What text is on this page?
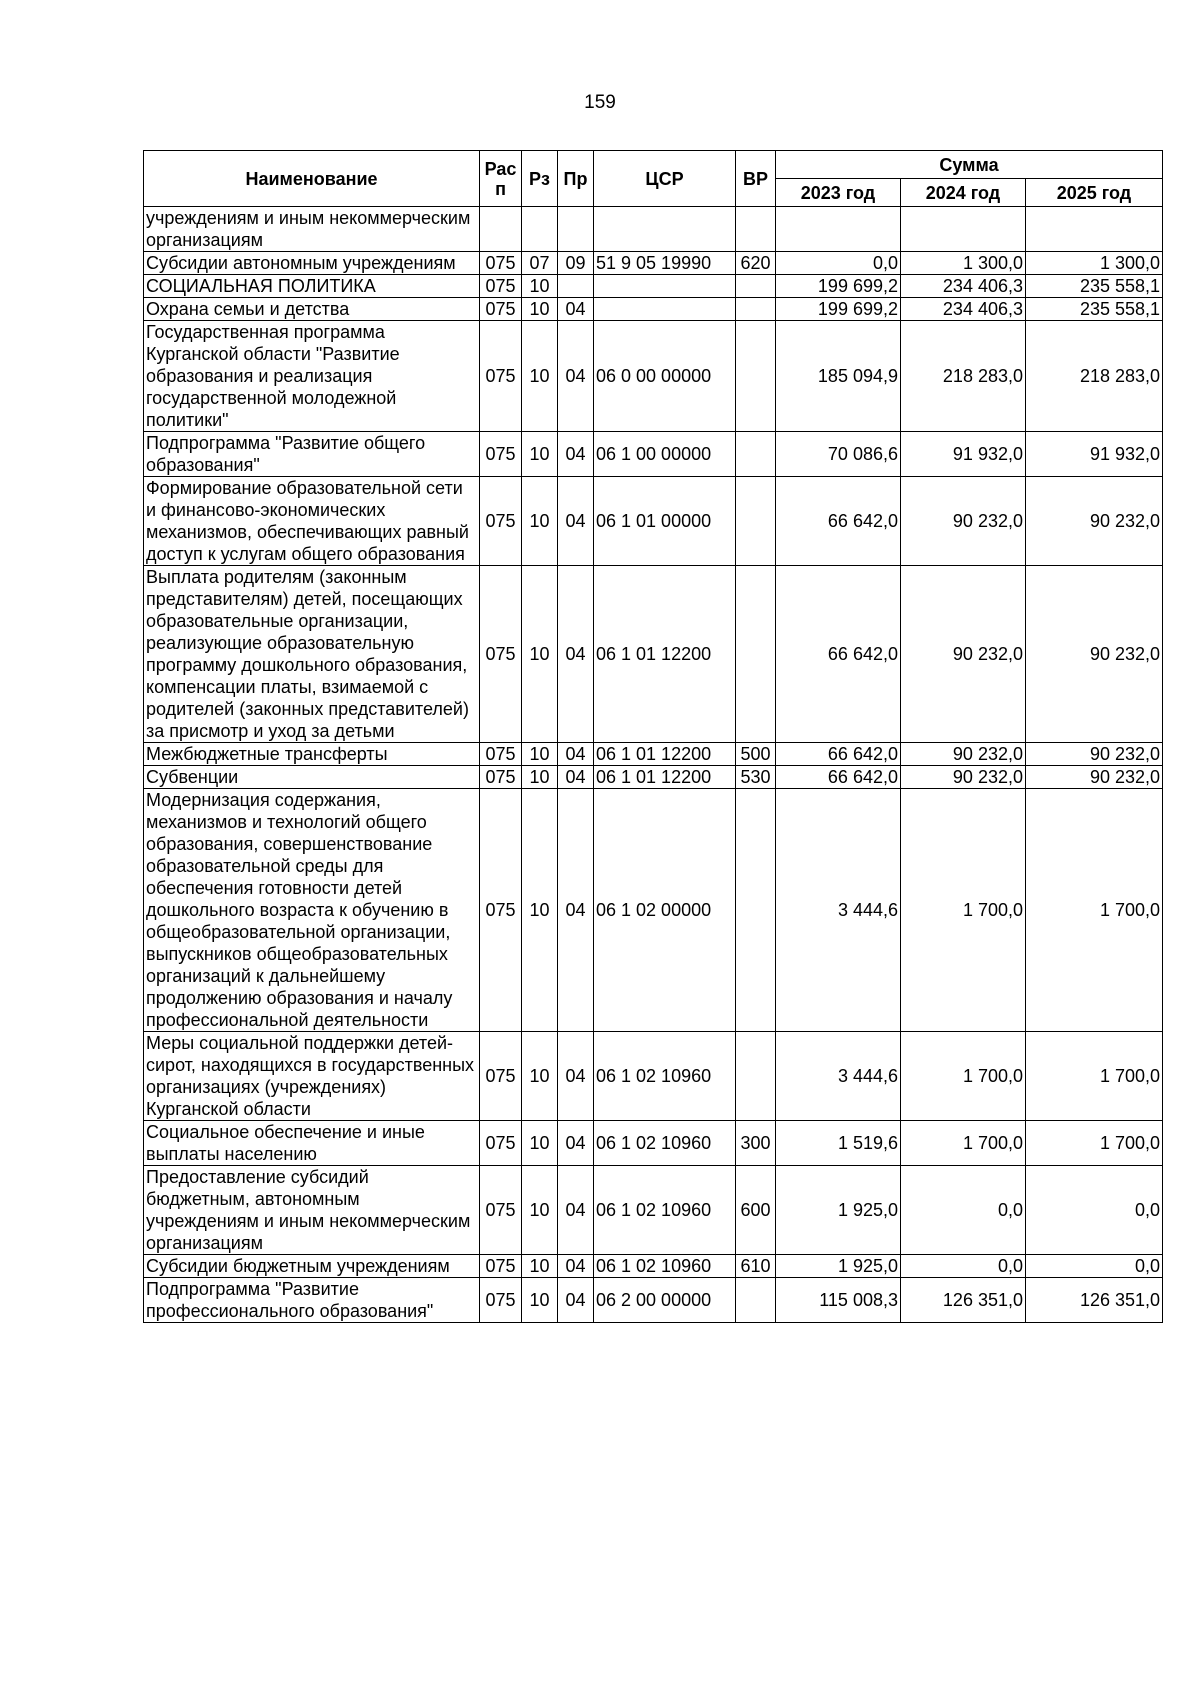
159
Наименование	Рас п	Рз	Пр	ЦСР	ВР	Сумма		
						2023 год	2024 год	2025 год
учреждениям и иным некоммерческим организациям								
Субсидии автономным учреждениям	075	07	09	51 9 05 19990	620	0,0	1 300,0	1 300,0
СОЦИАЛЬНАЯ ПОЛИТИКА	075	10				199 699,2	234 406,3	235 558,1
Охрана семьи и детства	075	10	04			199 699,2	234 406,3	235 558,1
Государственная программа Курганской области "Развитие образования и реализация государственной молодежной политики"	075	10	04	06 0 00 00000		185 094,9	218 283,0	218 283,0
Подпрограмма "Развитие общего образования"	075	10	04	06 1 00 00000		70 086,6	91 932,0	91 932,0
Формирование образовательной сети и финансово-экономических механизмов, обеспечивающих равный доступ к услугам общего образования	075	10	04	06 1 01 00000		66 642,0	90 232,0	90 232,0
Выплата родителям (законным представителям) детей, посещающих образовательные организации, реализующие образовательную программу дошкольного образования, компенсации платы, взимаемой с родителей (законных представителей) за присмотр и уход за детьми	075	10	04	06 1 01 12200		66 642,0	90 232,0	90 232,0
Межбюджетные трансферты	075	10	04	06 1 01 12200	500	66 642,0	90 232,0	90 232,0
Субвенции	075	10	04	06 1 01 12200	530	66 642,0	90 232,0	90 232,0
Модернизация содержания, механизмов и технологий общего образования, совершенствование образовательной среды для обеспечения готовности детей дошкольного возраста к обучению в общеобразовательной организации, выпускников общеобразовательных организаций к дальнейшему продолжению образования и началу профессиональной деятельности	075	10	04	06 1 02 00000		3 444,6	1 700,0	1 700,0
Меры социальной поддержки детей-сирот, находящихся в государственных организациях (учреждениях) Курганской области	075	10	04	06 1 02 10960		3 444,6	1 700,0	1 700,0
Социальное обеспечение и иные выплаты населению	075	10	04	06 1 02 10960	300	1 519,6	1 700,0	1 700,0
Предоставление субсидий бюджетным, автономным учреждениям и иным некоммерческим организациям	075	10	04	06 1 02 10960	600	1 925,0	0,0	0,0
Субсидии бюджетным учреждениям	075	10	04	06 1 02 10960	610	1 925,0	0,0	0,0
Подпрограмма "Развитие профессионального образования"	075	10	04	06 2 00 00000		115 008,3	126 351,0	126 351,0
